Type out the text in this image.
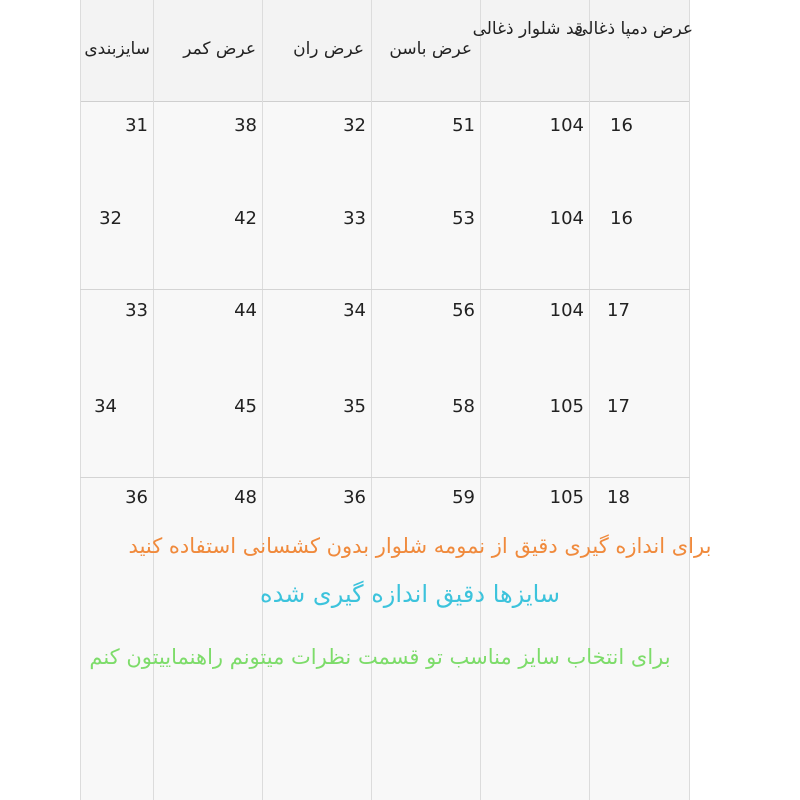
عرض دمپا ذغالی
قد شلوار ذغالی
عرض باسن
عرض ران
عرض کمر
سایزبندی
16
104
51
32
38
31
16
104
53
33
42
32
17
104
56
34
44
33
17
105
58
35
45
34
18
105
59
36
48
36
برای اندازه گیری دقیق از نمومه شلوار بدون کشسانی استفاده کنید
سایزها دقیق اندازه گیری شده
برای انتخاب سایز مناسب تو قسمت نظرات میتونم راهنماییتون کنم
